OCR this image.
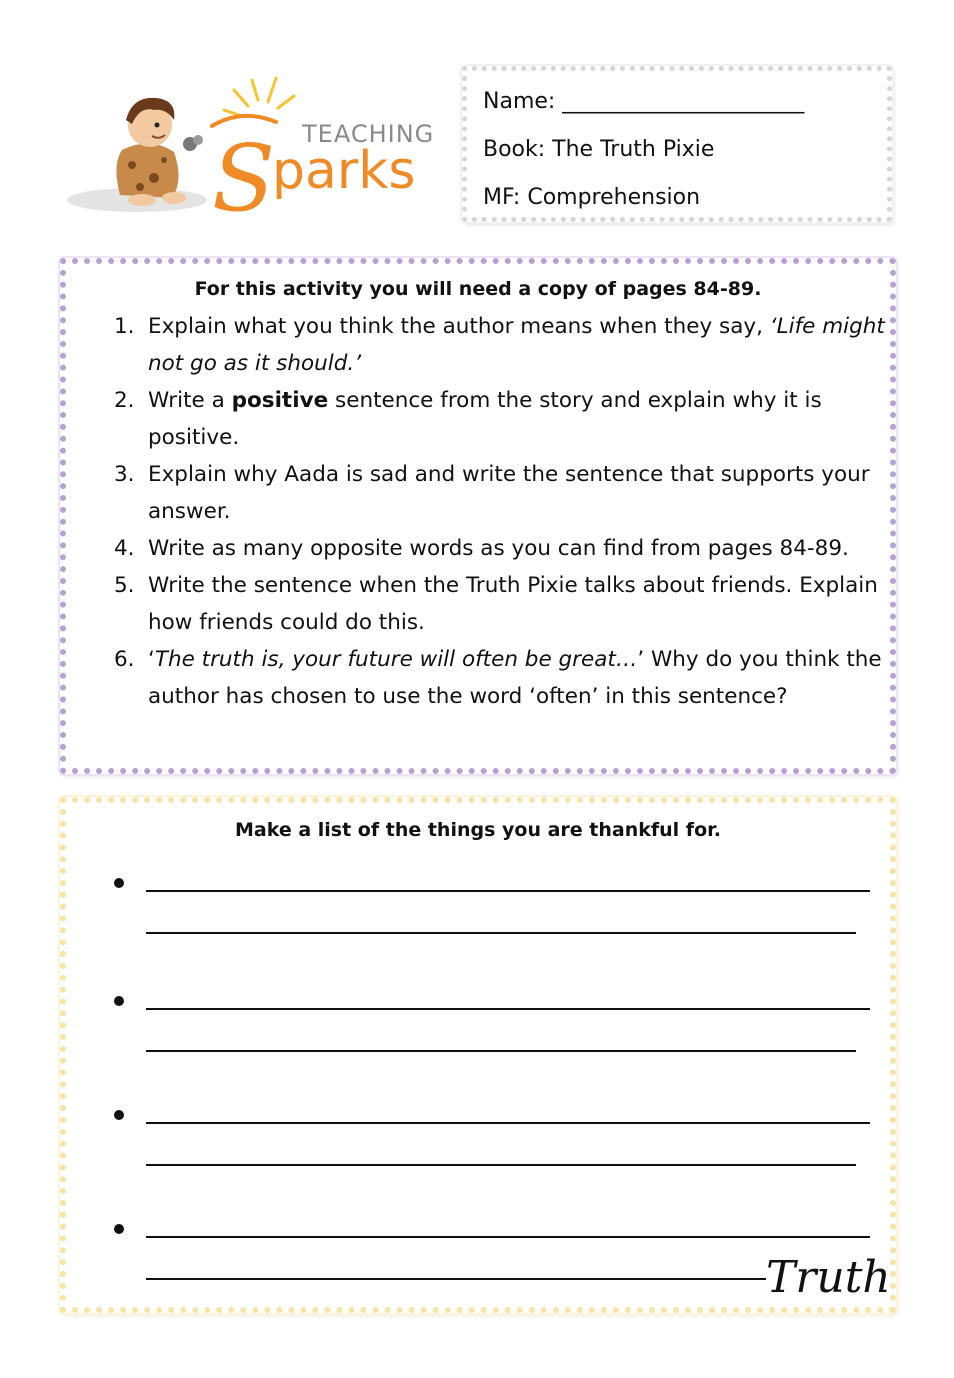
S
parks
TEACHING
Name: ______________________
Book: The Truth Pixie
MF: Comprehension
For this activity you will need a copy of pages 84-89.
1. Explain what you think the author means when they say, ‘Life might not go as it should.’
2. Write a positive sentence from the story and explain why it is positive.
3. Explain why Aada is sad and write the sentence that supports your answer.
4. Write as many opposite words as you can find from pages 84-89.
5. Write the sentence when the Truth Pixie talks about friends. Explain how friends could do this.
6. ‘The truth is, your future will often be great…’ Why do you think the author has chosen to use the word ‘often’ in this sentence?
Make a list of the things you are thankful for.
Truth
